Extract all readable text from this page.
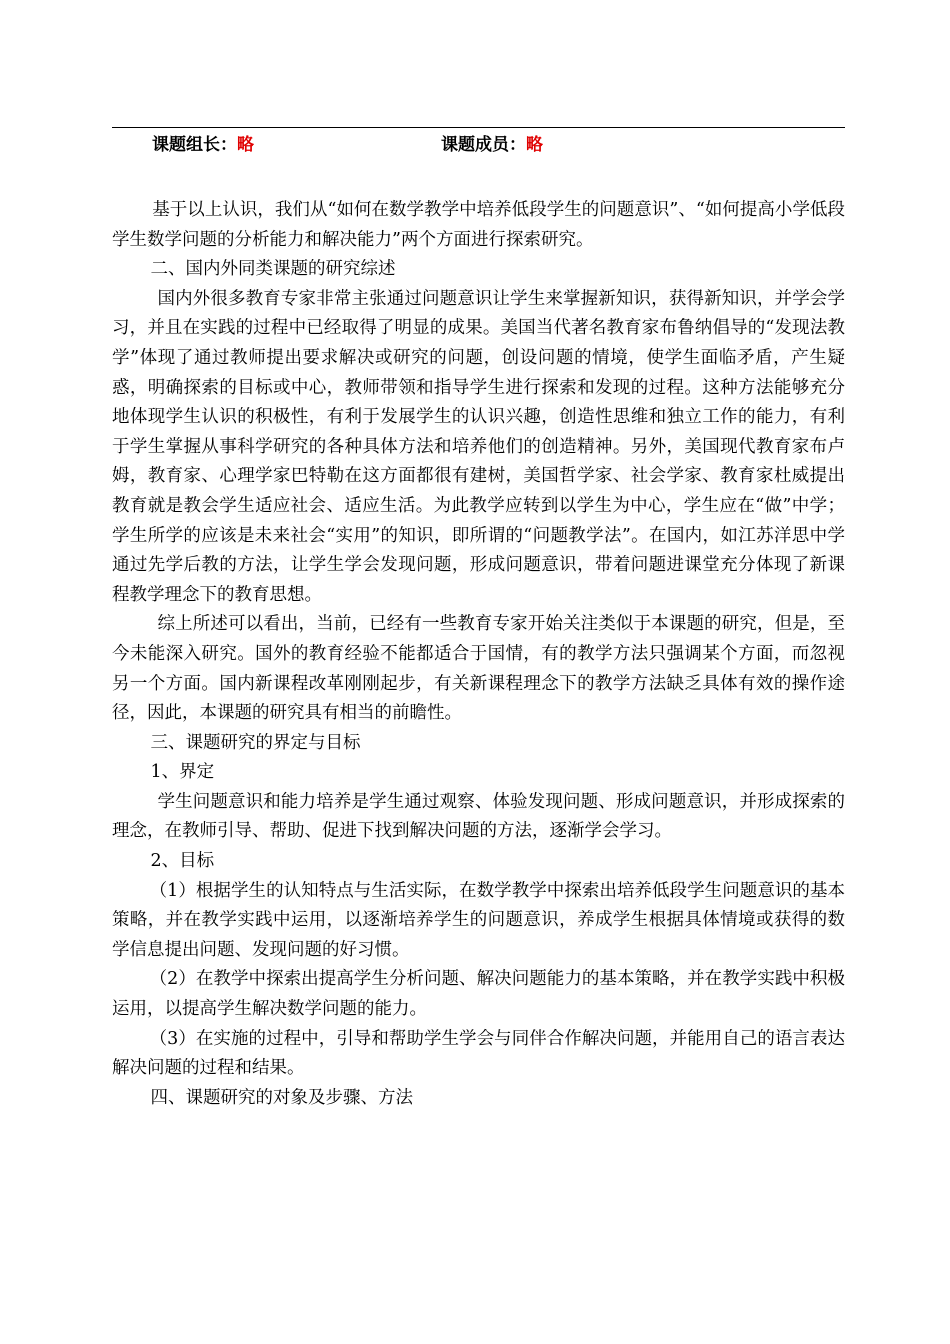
课题组长：略	课题成员：略

基于以上认识，我们从“如何在数学教学中培养低段学生的问题意识”、“如何提高小学低段学生数学问题的分析能力和解决能力”两个方面进行探索研究。

二、国内外同类课题的研究综述

国内外很多教育专家非常主张通过问题意识让学生来掌握新知识，获得新知识，并学会学习，并且在实践的过程中已经取得了明显的成果。美国当代著名教育家布鲁纳倡导的“发现法教学”体现了通过教师提出要求解决或研究的问题，创设问题的情境，使学生面临矛盾，产生疑惑，明确探索的目标或中心，教师带领和指导学生进行探索和发现的过程。这种方法能够充分地体现学生认识的积极性，有利于发展学生的认识兴趣，创造性思维和独立工作的能力，有利于学生掌握从事科学研究的各种具体方法和培养他们的创造精神。另外，美国现代教育家布卢姆，教育家、心理学家巴特勒在这方面都很有建树，美国哲学家、社会学家、教育家杜威提出教育就是教会学生适应社会、适应生活。为此教学应转到以学生为中心，学生应在“做”中学；学生所学的应该是未来社会“实用”的知识，即所谓的“问题教学法”。在国内，如江苏洋思中学通过先学后教的方法，让学生学会发现问题，形成问题意识，带着问题进课堂充分体现了新课程教学理念下的教育思想。

综上所述可以看出，当前，已经有一些教育专家开始关注类似于本课题的研究，但是，至今未能深入研究。国外的教育经验不能都适合于国情，有的教学方法只强调某个方面，而忽视另一个方面。国内新课程改革刚刚起步，有关新课程理念下的教学方法缺乏具体有效的操作途径，因此，本课题的研究具有相当的前瞻性。

三、课题研究的界定与目标

1、界定

学生问题意识和能力培养是学生通过观察、体验发现问题、形成问题意识，并形成探索的理念，在教师引导、帮助、促进下找到解决问题的方法，逐渐学会学习。

2、目标

（1）根据学生的认知特点与生活实际，在数学教学中探索出培养低段学生问题意识的基本策略，并在教学实践中运用，以逐渐培养学生的问题意识，养成学生根据具体情境或获得的数学信息提出问题、发现问题的好习惯。

（2）在教学中探索出提高学生分析问题、解决问题能力的基本策略，并在教学实践中积极运用，以提高学生解决数学问题的能力。

（3）在实施的过程中，引导和帮助学生学会与同伴合作解决问题，并能用自己的语言表达解决问题的过程和结果。

四、课题研究的对象及步骤、方法
